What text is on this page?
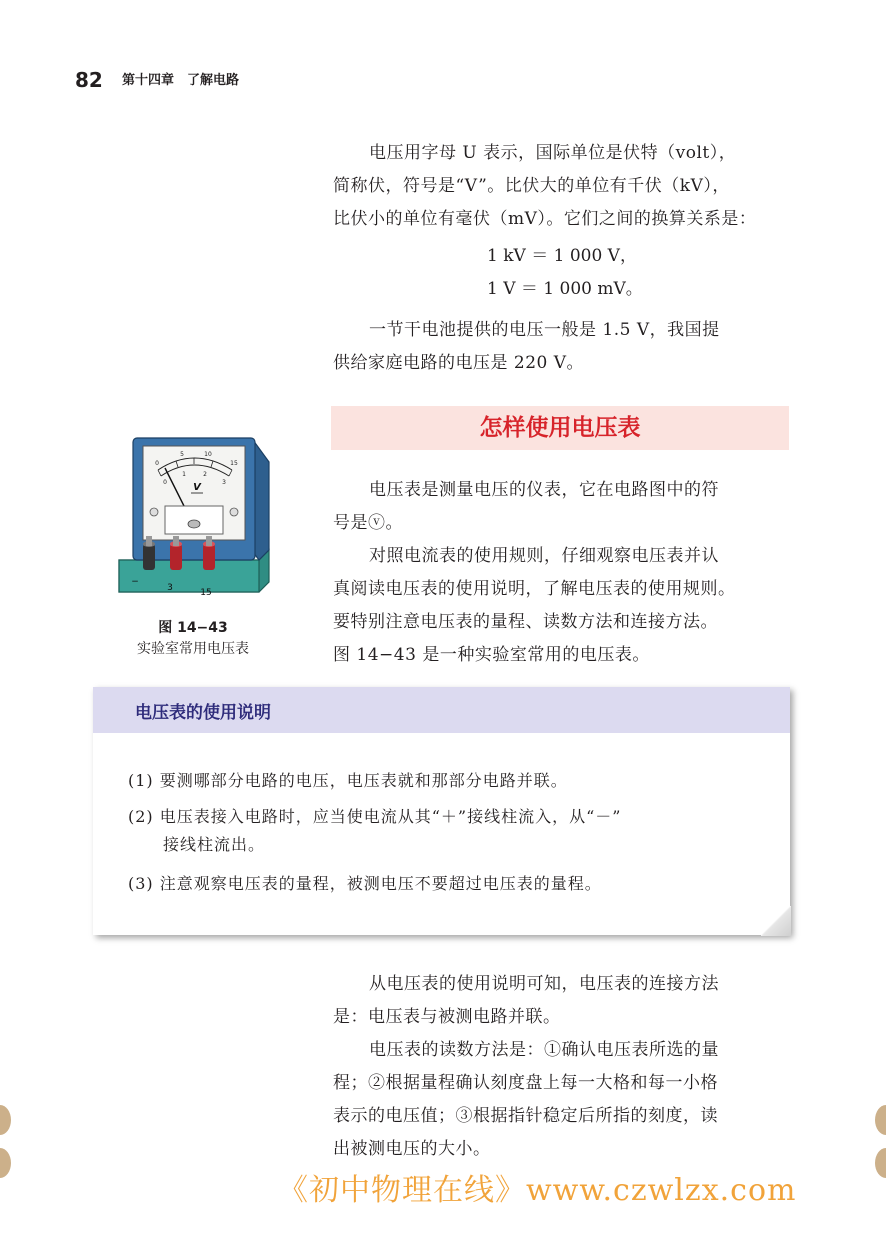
82 第十四章　了解电路
电压用字母 U 表示，国际单位是伏特（volt），
简称伏，符号是“V”。比伏大的单位有千伏（kV），
比伏小的单位有毫伏（mV）。它们之间的换算关系是：
1 kV ＝ 1 000 V，
1 V ＝ 1 000 mV。
一节干电池提供的电压一般是 1.5 V，我国提
供给家庭电路的电压是 220 V。
怎样使用电压表
0
5	10
15
0
1	2
3
V
−
3	15
图 14−43
实验室常用电压表
电压表是测量电压的仪表，它在电路图中的符
号是ⓥ。
对照电流表的使用规则，仔细观察电压表并认
真阅读电压表的使用说明，了解电压表的使用规则。
要特别注意电压表的量程、读数方法和连接方法。
图 14−43 是一种实验室常用的电压表。
电压表的使用说明
(1) 要测哪部分电路的电压，电压表就和那部分电路并联。
(2) 电压表接入电路时，应当使电流从其“＋”接线柱流入，从“－”
接线柱流出。
(3) 注意观察电压表的量程，被测电压不要超过电压表的量程。
从电压表的使用说明可知，电压表的连接方法
是：电压表与被测电路并联。
电压表的读数方法是：①确认电压表所选的量
程；②根据量程确认刻度盘上每一大格和每一小格
表示的电压值；③根据指针稳定后所指的刻度，读
出被测电压的大小。
《初中物理在线》www.czwlzx.com
